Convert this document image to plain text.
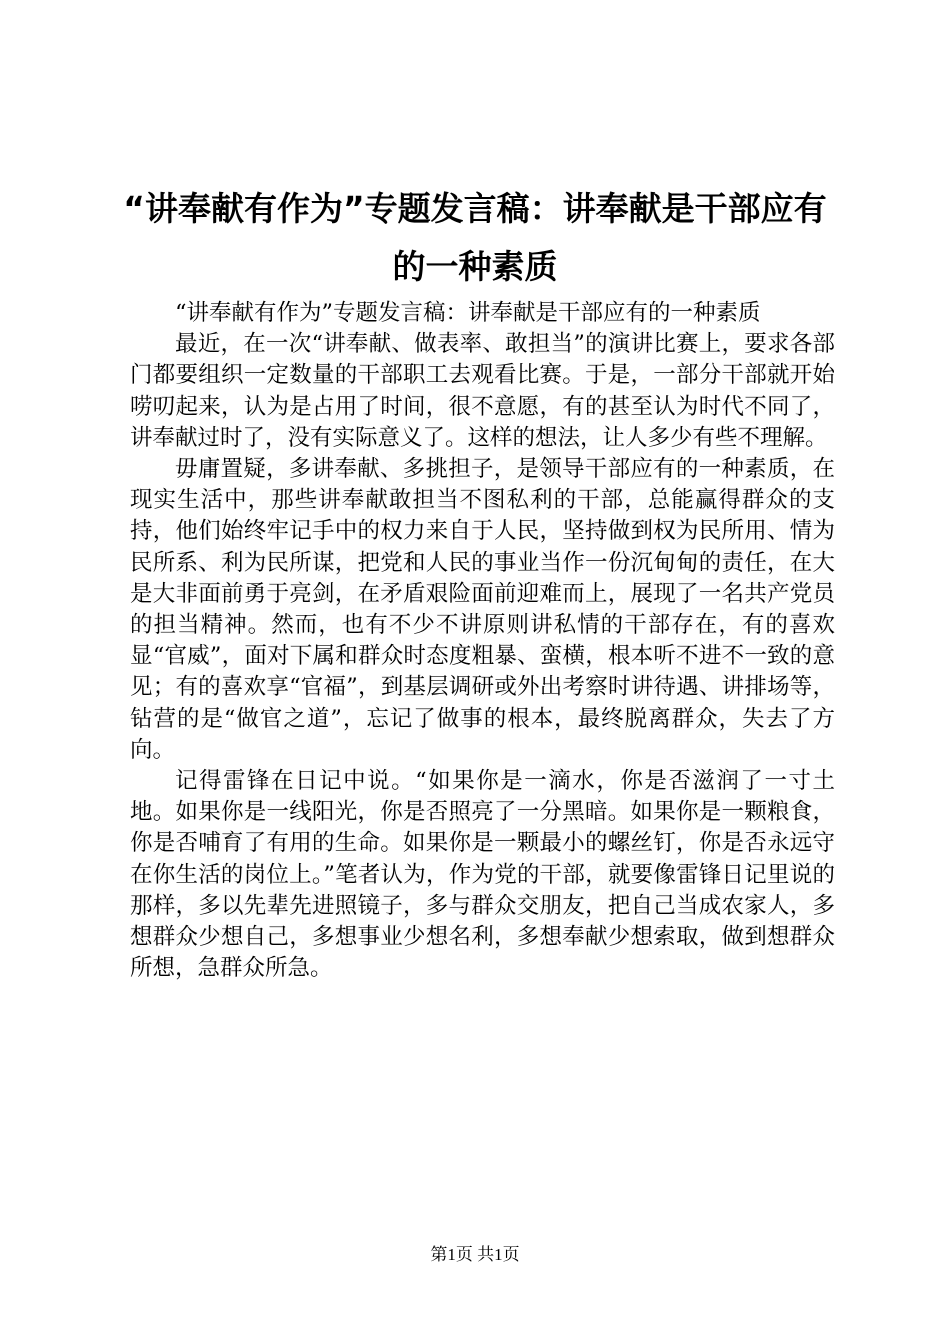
“讲奉献有作为”专题发言稿：讲奉献是干部应有的一种素质

“讲奉献有作为”专题发言稿：讲奉献是干部应有的一种素质

最近，在一次“讲奉献、做表率、敢担当”的演讲比赛上，要求各部门都要组织一定数量的干部职工去观看比赛。于是，一部分干部就开始唠叨起来，认为是占用了时间，很不意愿，有的甚至认为时代不同了，讲奉献过时了，没有实际意义了。这样的想法，让人多少有些不理解。

毋庸置疑，多讲奉献、多挑担子，是领导干部应有的一种素质，在现实生活中，那些讲奉献敢担当不图私利的干部，总能赢得群众的支持，他们始终牢记手中的权力来自于人民，坚持做到权为民所用、情为民所系、利为民所谋，把党和人民的事业当作一份沉甸甸的责任，在大是大非面前勇于亮剑，在矛盾艰险面前迎难而上，展现了一名共产党员的担当精神。然而，也有不少不讲原则讲私情的干部存在，有的喜欢显“官威”，面对下属和群众时态度粗暴、蛮横，根本听不进不一致的意见；有的喜欢享“官福”，到基层调研或外出考察时讲待遇、讲排场等，钻营的是“做官之道”，忘记了做事的根本，最终脱离群众，失去了方向。

记得雷锋在日记中说。“如果你是一滴水，你是否滋润了一寸土地。如果你是一线阳光，你是否照亮了一分黑暗。如果你是一颗粮食，你是否哺育了有用的生命。如果你是一颗最小的螺丝钉，你是否永远守在你生活的岗位上。”笔者认为，作为党的干部，就要像雷锋日记里说的那样，多以先辈先进照镜子，多与群众交朋友，把自己当成农家人，多想群众少想自己，多想事业少想名利，多想奉献少想索取，做到想群众所想，急群众所急。

第1页 共1页
